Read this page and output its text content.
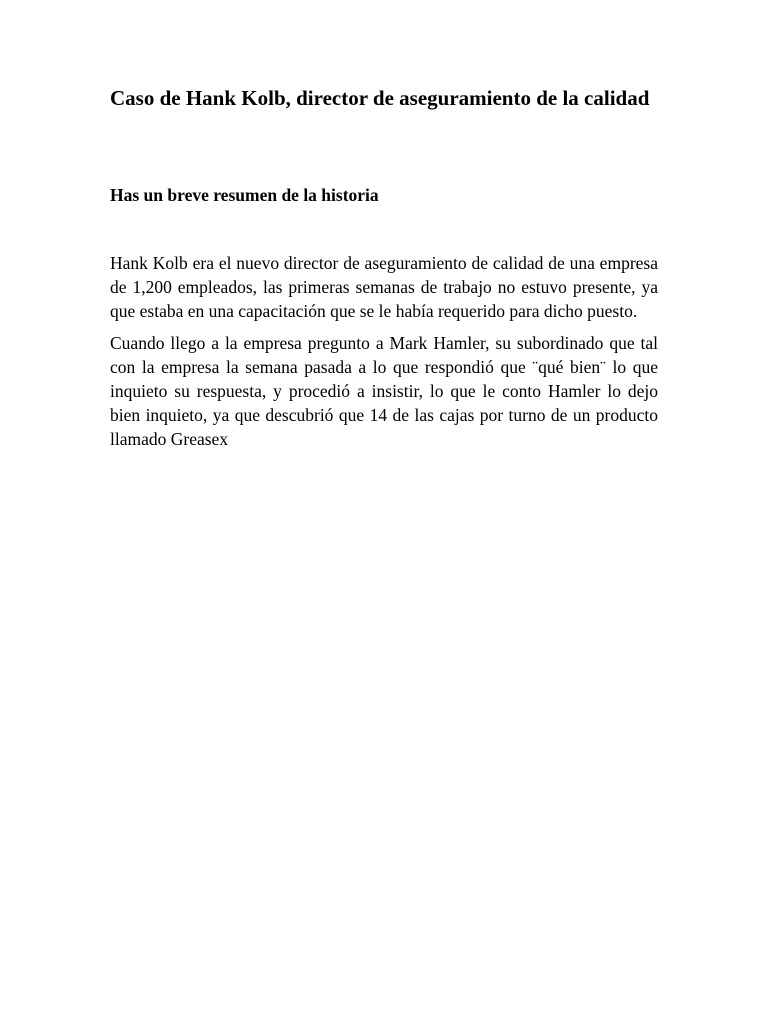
Caso de Hank Kolb, director de aseguramiento de la calidad
Has un breve resumen de la historia

Hank Kolb era el nuevo director de aseguramiento de calidad de una empresa de 1,200 empleados, las primeras semanas de trabajo no estuvo presente, ya que estaba en una capacitación que se le había requerido para dicho puesto.

Cuando llego a la empresa pregunto a Mark Hamler, su subordinado que tal con la empresa la semana pasada a lo que respondió que ¨qué bien¨ lo que inquieto su respuesta, y procedió a insistir, lo que le conto Hamler lo dejo bien inquieto, ya que descubrió que 14 de las cajas por turno de un producto llamado Greasex
